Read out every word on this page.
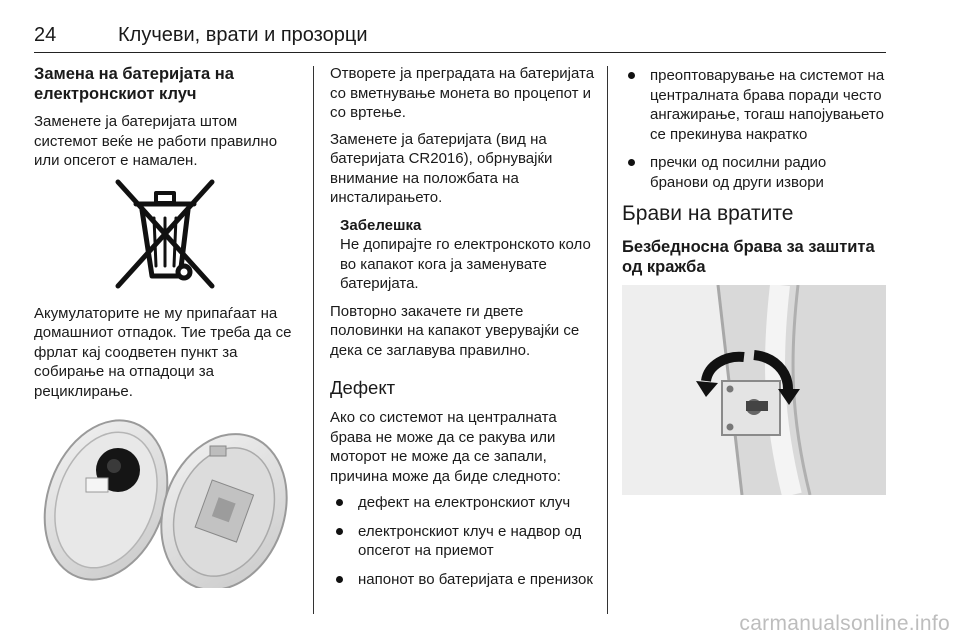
24	Клучеви, врати и прозорци
Замена на батеријата на електронскиот клуч

Заменете ја батеријата штом системот веќе не работи правилно или опсегот е намален.

Акумулаторите не му припаѓаат на домашниот отпадок. Тие треба да се фрлат кај соодветен пункт за собирање на отпадоци за рециклирање.

Отворете ја преградата на батеријата со вметнување монета во процепот и со вртење.

Заменете ја батеријата (вид на батеријата CR2016), обрнувајќи внимание на положбата на инсталирањето.

Забелешка

Не допирајте го електронското коло во капакот кога ја заменувате батеријата.

Повторно закачете ги двете половинки на капакот уверувајќи се дека се заглавува правилно.

Дефект

Ако со системот на централната брава не може да се ракува или моторот не може да се запали, причина може да биде следното:

дефект на електронскиот клуч
електронскиот клуч е надвор од опсегот на приемот
напонот во батеријата е пренизок
преоптоварување на системот на централната брава поради често ангажирање, тогаш напојувањето се прекинува накратко
пречки од посилни радио бранови од други извори
Брави на вратите
Безбедносна брава за заштита од кражба
carmanualsonline.info
